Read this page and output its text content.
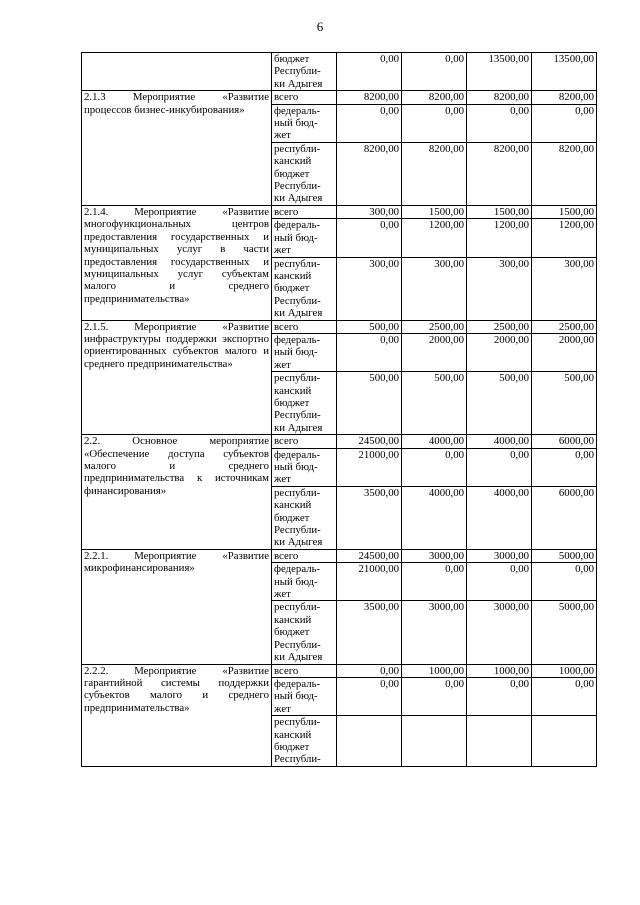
6

	бюджет
Республи-
ки Адыгея	0,00	0,00	13500,00	13500,00
2.1.3 Мероприятие «Развитие процессов бизнес-инкубирования»	всего	8200,00	8200,00	8200,00	8200,00

	федераль-
ный бюд-
жет	0,00	0,00	0,00	0,00

	республи-
канский
бюджет
Республи-
ки Адыгея	8200,00	8200,00	8200,00	8200,00
2.1.4. Мероприятие «Развитие многофункциональных центров предоставления государственных и муниципальных услуг в части предоставления государственных и муниципальных услуг субъектам малого и среднего предпринимательства»	всего	300,00	1500,00	1500,00	1500,00

	федераль-
ный бюд-
жет	0,00	1200,00	1200,00	1200,00

	республи-
канский
бюджет
Республи-
ки Адыгея	300,00	300,00	300,00	300,00
2.1.5. Мероприятие «Развитие инфраструктуры поддержки экспортно ориентированных субъектов малого и среднего предпринимательства»	всего	500,00	2500,00	2500,00	2500,00

	федераль-
ный бюд-
жет	0,00	2000,00	2000,00	2000,00

	республи-
канский
бюджет
Республи-
ки Адыгея	500,00	500,00	500,00	500,00
2.2. Основное мероприятие «Обеспечение доступа субъектов малого и среднего предпринимательства к источникам финансирования»	всего	24500,00	4000,00	4000,00	6000,00

	федераль-
ный бюд-
жет	21000,00	0,00	0,00	0,00

	республи-
канский
бюджет
Республи-
ки Адыгея	3500,00	4000,00	4000,00	6000,00
2.2.1. Мероприятие «Развитие микрофинансирования»	всего	24500,00	3000,00	3000,00	5000,00

	федераль-
ный бюд-
жет	21000,00	0,00	0,00	0,00

	республи-
канский
бюджет
Республи-
ки Адыгея	3500,00	3000,00	3000,00	5000,00
2.2.2. Мероприятие «Развитие гарантийной системы поддержки субъектов малого и среднего предпринимательства»	всего	0,00	1000,00	1000,00	1000,00

	федераль-
ный бюд-
жет	0,00	0,00	0,00	0,00

	республи-
канский
бюджет
Республи-				
